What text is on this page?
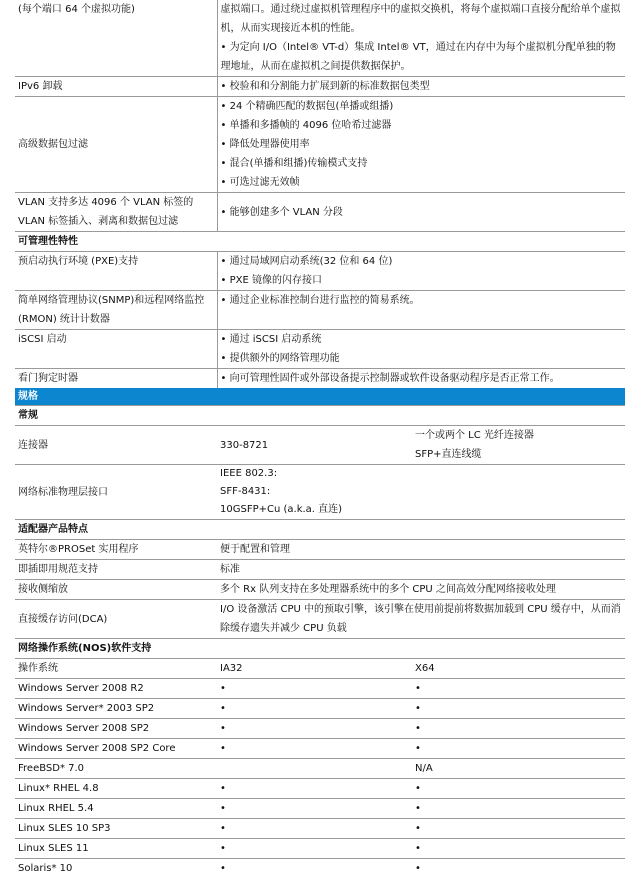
(每个端口 64 个虚拟功能)	虚拟端口。通过绕过虚拟机管理程序中的虚拟交换机，将每个虚拟端口直接分配给单个虚拟机，从而实现接近本机的性能。
• 为定向 I/O（Intel® VT-d）集成 Intel® VT，通过在内存中为每个虚拟机分配单独的物理地址，从而在虚拟机之间提供数据保护。

IPv6 卸载	• 校验和和分割能力扩展到新的标准数据包类型

高级数据包过滤	• 24 个精确匹配的数据包(单播或组播)
• 单播和多播帧的 4096 位哈希过滤器
• 降低处理器使用率
• 混合(单播和组播)传输模式支持
• 可选过滤无效帧

VLAN 支持多达 4096 个 VLAN 标签的 VLAN 标签插入、剥离和数据包过滤	• 能够创建多个 VLAN 分段

可管理性特性		
预启动执行环境 (PXE)支持	• 通过局域网启动系统(32 位和 64 位)
• PXE 镜像的闪存接口

简单网络管理协议(SNMP)和远程网络监控 (RMON) 统计计数器	• 通过企业标准控制台进行监控的简易系统。

iSCSI 启动	• 通过 iSCSI 启动系统
• 提供额外的网络管理功能

看门狗定时器	• 向可管理性固件或外部设备提示控制器或软件设备驱动程序是否正常工作。

规格		
常规		
连接器	330-8721	一个或两个 LC 光纤连接器
SFP+直连线缆

网络标准物理层接口	IEEE 802.3:
SFF-8431:
10GSFP+Cu (a.k.a. 直连)	

适配器产品特点		
英特尔®PROSet 实用程序	便于配置和管理	
即插即用规范支持	标准	
接收侧缩放	多个 Rx 队列支持在多处理器系统中的多个 CPU 之间高效分配网络接收处理	
直接缓存访问(DCA)	I/O 设备激活 CPU 中的预取引擎，该引擎在使用前提前将数据加载到 CPU 缓存中，从而消除缓存遗失并减少 CPU 负载	
网络操作系统(NOS)软件支持		
操作系统	IA32	X64
Windows Server 2008 R2	•	•
Windows Server* 2003 SP2	•	•
Windows Server 2008 SP2	•	•
Windows Server 2008 SP2 Core	•	•
FreeBSD* 7.0		N/A
Linux* RHEL 4.8	•	•
Linux RHEL 5.4	•	•
Linux SLES 10 SP3	•	•
Linux SLES 11	•	•
Solaris* 10	•	•
